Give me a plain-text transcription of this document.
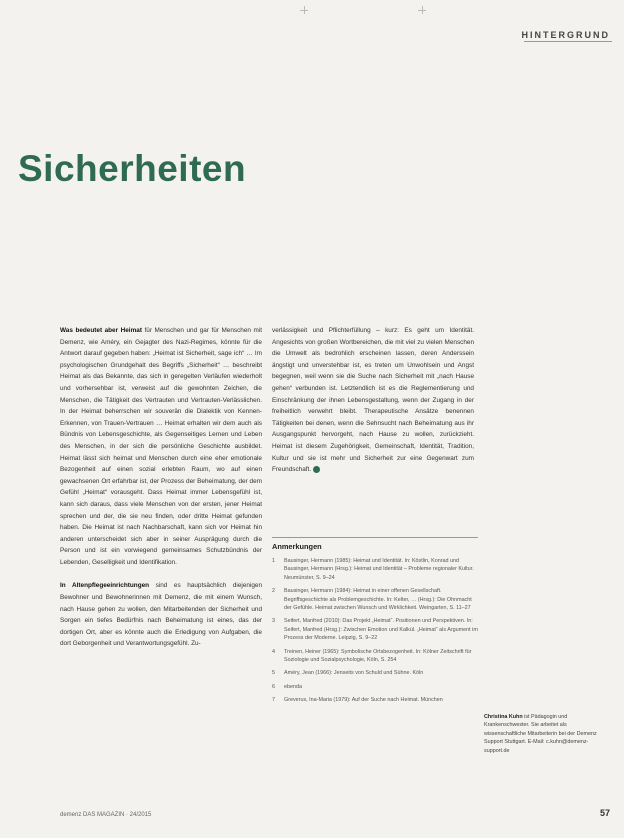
HINTERGRUND
Sicherheiten

Was bedeutet aber Heimat für Menschen und gar für Menschen mit Demenz, wie Améry, ein Gejagter des Nazi-Regimes, könnte für die Antwort darauf gegeben haben: „Heimat ist Sicherheit, sage ich“ … Im psychologischen Grundgehalt des Begriffs „Sicherheit“ … beschreibt Heimat als das Bekannte, das sich in geregelten Verläufen wiederholt und vorhersehbar ist, verweist auf die gewohnten Zeichen, die Menschen, die Tätigkeit des Vertrauten und Vertrauten-Verlässlichen. In der Heimat beherrschen wir souverän die Dialektik von Kennen-Erkennen, von Trauen-Vertrauen … Heimat erhalten wir dem auch als Bündnis von Lebensgeschichte, als Gegenseitiges Lernen und Leben des Menschen, in der sich die persönliche Geschichte ausbildet. Heimat lässt sich heimat und Menschen durch eine eher emotionale Bezogenheit auf einen sozial erlebten Raum, wo auf einen gewachsenen Ort erfahrbar ist, der Prozess der Beheimatung, der dem Gefühl „Heimat“ vorausgeht. Dass Heimat immer Lebensgefühl ist, kann sich daraus, dass viele Menschen von der ersten, jener Heimat sprechen und der, die sie neu finden, oder dritte Heimat gefunden haben. Die Heimat ist nach Nachbarschaft, kann sich vor Heimat hin anderen unterscheidet sich aber in seiner Ausprägung durch die Person und ist ein vorwiegend gemeinsames Schutzbündnis der Lebenden, Geselligkeit und Identifikation.

In Altenpflegeeinrichtungen sind es hauptsächlich diejenigen Bewohner und Bewohnerinnen mit Demenz, die mit einem Wunsch, nach Hause gehen zu wollen, den Mitarbeitenden der Sicherheit und Sorgen ein tiefes Bedürfnis nach Beheimatung ist eines, das der dortigen Ort, aber es könnte auch die Erledigung von Aufgaben, die dort Geborgenheit und Verantwortungsgefühl. Zu-

verlässigkeit und Pflichterfüllung – kurz: Es geht um Identität. Angesichts von großen Wortbereichen, die mit viel zu vielen Menschen die Umwelt als bedrohlich erscheinen lassen, deren Anderssein ängstigt und unverstehbar ist, es treten um Unwohlsein und Angst begegnen, weil wenn sie die Suche nach Sicherheit mit „nach Hause gehen“ verbunden ist. Letztendlich ist es die Reglementierung und Einschränkung der ihnen Lebensgestaltung, wenn der Zugang in der freiheitlich verwehrt bleibt. Therapeutische Ansätze benennen Tätigkeiten bei denen, wenn die Sehnsucht nach Beheimatung aus ihr Ausgangspunkt hervorgeht, nach Hause zu wollen, zurückzieht. Heimat ist diesem Zugehörigkeit, Gemeinschaft, Identität, Tradition, Kultur und sie ist mehr und Sicherheit zur eine Gegenwart zum Freundschaft.

Anmerkungen
1	Bausinger, Hermann (1985): Heimat und Identität. In: Köstlin, Konrad und Bausinger, Hermann (Hrsg.): Heimat und Identität – Probleme regionaler Kultur. Neumünster, S. 9–24
2	Bausinger, Hermann (1984): Heimat in einer offenen Gesellschaft. Begriffsgeschichte als Problemgeschichte. In: Kelter, … (Hrsg.): Die Ohnmacht der Gefühle. Heimat zwischen Wunsch und Wirklichkeit. Weingarten, S. 11–27
3	Seifert, Manfred (2010): Das Projekt „Heimat“. Positionen und Perspektiven. In: Seifert, Manfred (Hrsg.): Zwischen Emotion und Kalkül. „Heimat“ als Argument im Prozess der Moderne. Leipzig, S. 9–22
4	Treinen, Heiner (1965): Symbolische Ortsbezogenheit. In: Kölner Zeitschrift für Soziologie und Sozialpsychologie, Köln, S. 254
5	Améry, Jean (1966): Jenseits von Schuld und Sühne. Köln
6	ebenda
7	Greverus, Ina-Maria (1979): Auf der Suche nach Heimat. München
Christina Kuhn ist Pädagogin und Krankenschwester. Sie arbeitet als wissenschaftliche Mitarbeiterin bei der Demenz Support Stuttgart. E-Mail: c.kuhn@demenz-support.de
demenz DAS MAGAZIN · 24/2015	57
